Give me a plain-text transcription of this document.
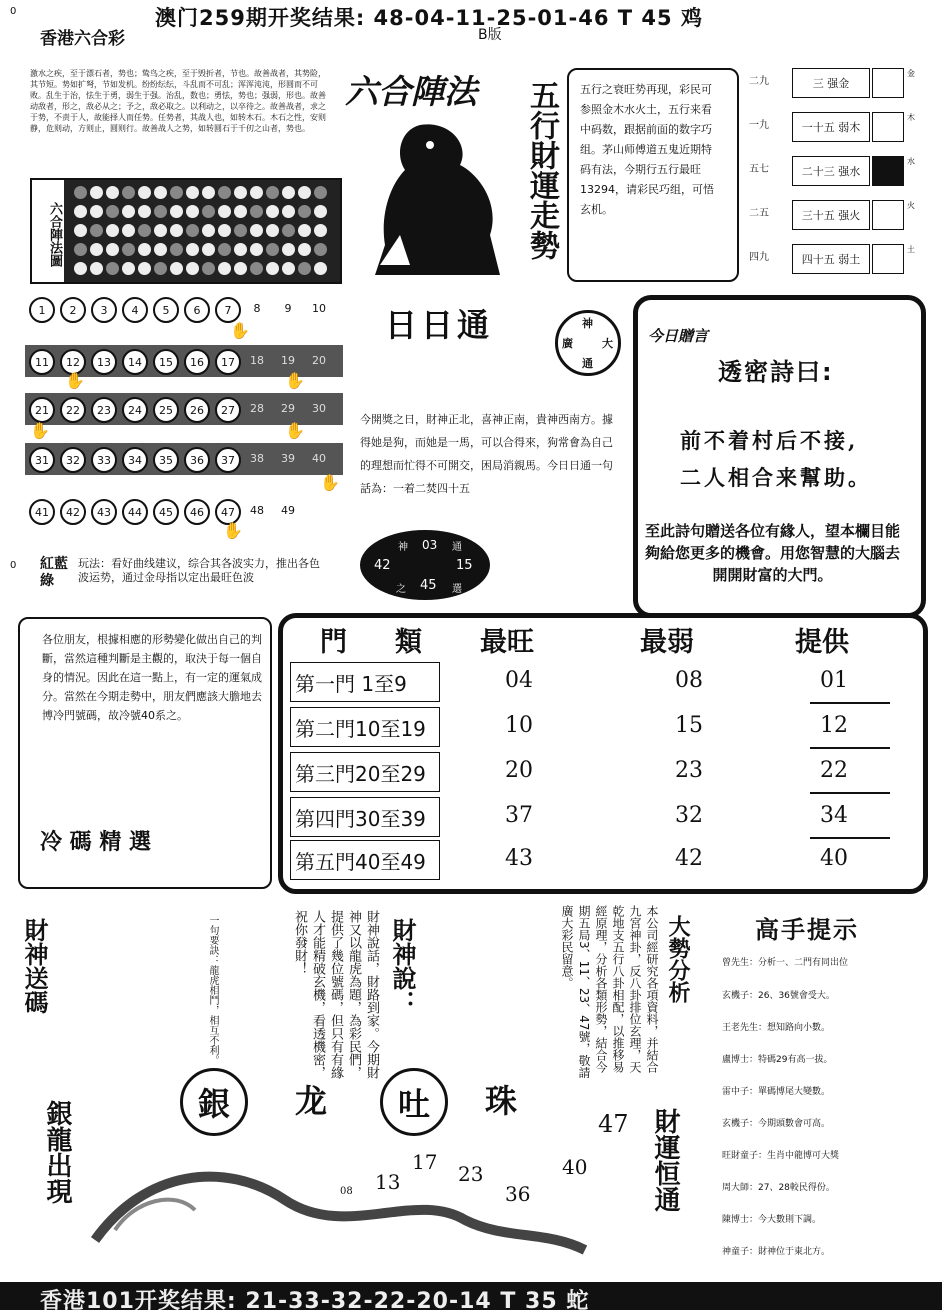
0	澳门259期开奖结果: 48-04-11-25-01-46 T 45 鸡
香港六合彩	B版
激水之疾，至于漂石者，势也；鸷鸟之疾，至于毁折者，节也。故善战者，其势险，其节短。势如扩弩，节如发机。纷纷纭纭，斗乱而不可乱；浑浑沌沌，形圆而不可败。乱生于治，怯生于勇，弱生于强。治乱，数也；勇怯，势也；强弱，形也。故善动敌者，形之，敌必从之；予之，敌必取之。以利动之，以卒待之。故善战者，求之于势，不责于人，故能择人而任势。任势者，其战人也，如转木石。木石之性，安则静，危则动，方则止，圆则行。故善战人之势，如转圆石于千仞之山者，势也。
六合陣法圖
六合陣法	五行財運走勢 五行之衰旺势再现，彩民可参照金木水火土，五行来看中码数，跟据前面的数字巧组。茅山师傅道五鬼近期特码有法，今期行五行最旺13294，请彩民巧组，可悟玄机。
二九	三 强金
金
一九	一十五 弱木
木
五七	二十三 强水
水
二五	三十五 强火
火
四九	四十五 弱土
土
1	2	3	4	5	6	7	8	9	10
11	12	13	14	15	16	17	18	19	20
21	22	23	24	25	26	27	28	29	30
31	32	33	34	35	36	37	38	39	40
41	42	43	44	45	46	47	48	49
✋
✋	✋
✋	✋
✋
✋
日日通	神
大
通
廣
今開獎之日，財神正北，喜神正南，貴神西南方。據得她是狗，而她是一馬，可以合得來，狗常會為自己的理想而忙得不可開交，困局消親馬。今日日通一句話為：一着二焚四十五
神 03 通
42	15
之 45 選
今日贈言
透密詩曰:
前不着村后不接,
二人相合来幫助。
至此詩句贈送各位有緣人，望本欄目能夠給您更多的機會。用您智慧的大腦去開開財富的大門。
0 紅藍綠
玩法：看好曲线建议，综合其各波实力，推出各色波运势，通过金母指以定出最旺色波
各位朋友，根據相應的形勢變化做出自己的判斷，當然這種判斷是主觀的，取決于每一個自身的情況。因此在這一點上，有一定的運氣成分。當然在今期走勢中，朋友們應該大膽地去博冷門號碼，故冷號40系之。
冷 碼 精 選
門 類 最旺	最弱	提供
第一門 1至9	04	08	01
第二門10至19	10	15	12
第三門20至29	20	23	22
第四門30至39	37	32	34
第五門40至49	43	42	40
財神送碼	一句要訣：龍虎相鬥，相互不利。	財神說話，財路到家。今期財神又以龍虎為題，為彩民們，提供了幾位號碼，但只有有緣人才能精破玄機，看透機密，祝你發財！	財神說：	本公司經研究各項資料，并結合九宮神卦，反八卦排位玄理，天乾地支五行八卦相配，以推移易經原理，分析各類形勢，結合今期五局3、11、23、47號，敬請廣大彩民留意。	大勢分析	高手提示
曾先生：分析一、二門有同出位
玄機子：26、36號會受大。
王老先生：想知路向小數。
盧博士：特碼29有高一拔。
雷中子：單碼博尾大變數。
玄機子：今期頭數會可高。
旺財童子：生肖中龍博可大獎
周大師：27、28較民得份。
陳博士：今大數則下調。
神童子：財神位于東北方。
銀	龙	吐	珠
銀龍出現	13
17 23
36
40
47
08	財運恒通
香港101开奖结果: 21-33-32-22-20-14 T 35 蛇
